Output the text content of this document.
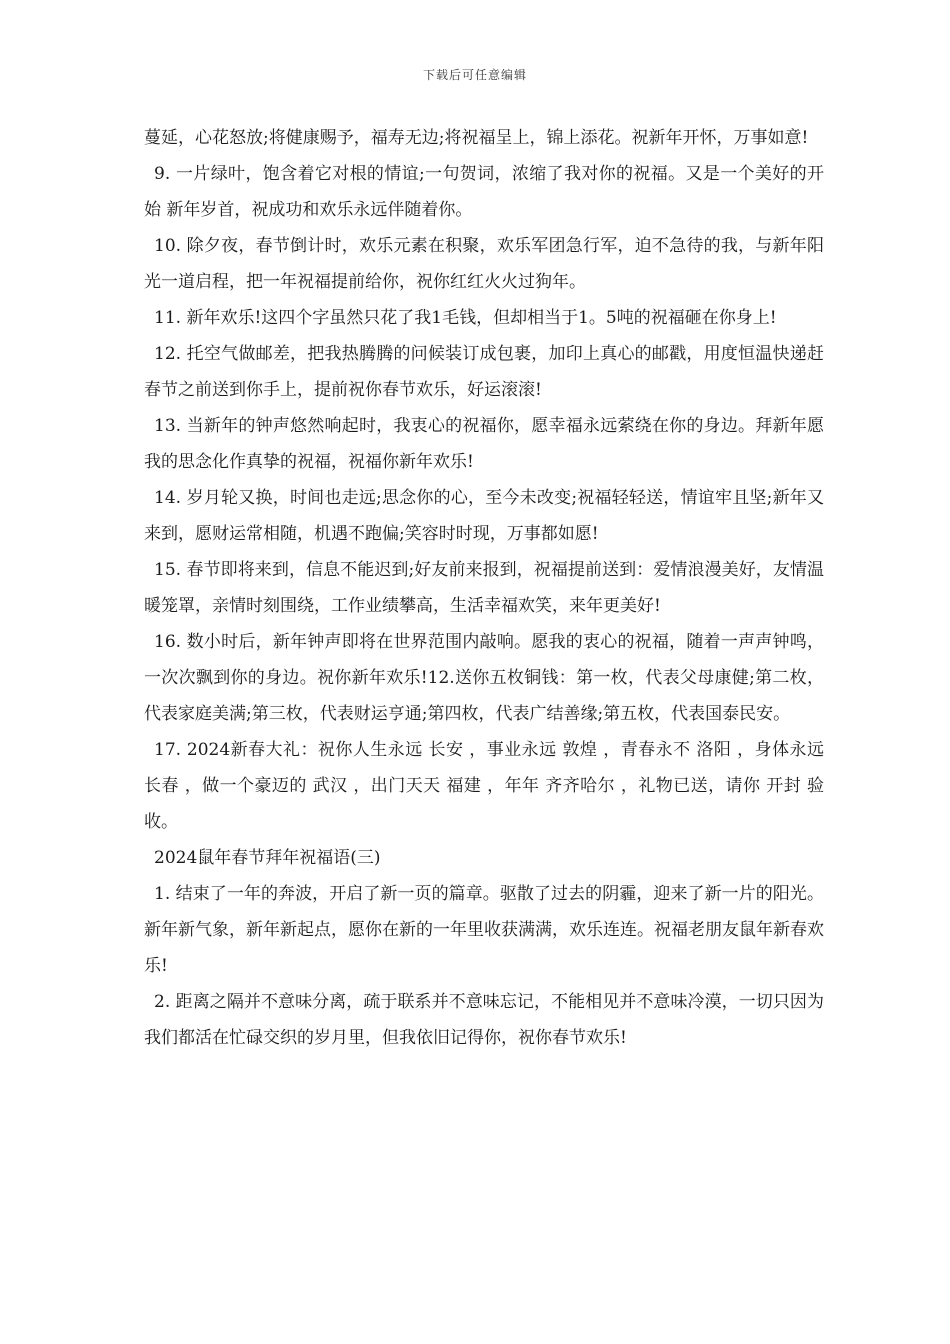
下载后可任意编辑

蔓延，心花怒放;将健康赐予，福寿无边;将祝福呈上，锦上添花。祝新年开怀，万事如意!

9. 一片绿叶，饱含着它对根的情谊;一句贺词，浓缩了我对你的祝福。又是一个美好的开始 新年岁首，祝成功和欢乐永远伴随着你。

10. 除夕夜，春节倒计时，欢乐元素在积聚，欢乐军团急行军，迫不急待的我，与新年阳光一道启程，把一年祝福提前给你，祝你红红火火过狗年。

11. 新年欢乐!这四个字虽然只花了我1毛钱，但却相当于1。5吨的祝福砸在你身上!

12. 托空气做邮差，把我热腾腾的问候装订成包裹，加印上真心的邮戳，用度恒温快递赶春节之前送到你手上，提前祝你春节欢乐，好运滚滚!

13. 当新年的钟声悠然响起时，我衷心的祝福你，愿幸福永远萦绕在你的身边。拜新年愿我的思念化作真挚的祝福，祝福你新年欢乐!

14. 岁月轮又换，时间也走远;思念你的心，至今未改变;祝福轻轻送，情谊牢且坚;新年又来到，愿财运常相随，机遇不跑偏;笑容时时现，万事都如愿!

15. 春节即将来到，信息不能迟到;好友前来报到，祝福提前送到：爱情浪漫美好，友情温暖笼罩，亲情时刻围绕，工作业绩攀高，生活幸福欢笑，来年更美好!

16. 数小时后，新年钟声即将在世界范围内敲响。愿我的衷心的祝福，随着一声声钟鸣，一次次飘到你的身边。祝你新年欢乐!12.送你五枚铜钱：第一枚，代表父母康健;第二枚，代表家庭美满;第三枚，代表财运亨通;第四枚，代表广结善缘;第五枚，代表国泰民安。

17. 2024新春大礼：祝你人生永远 长安 ，事业永远 敦煌 ，青春永不 洛阳 ，身体永远 长春 ，做一个豪迈的 武汉 ，出门天天 福建 ，年年 齐齐哈尔 ，礼物已送，请你 开封 验收。

2024鼠年春节拜年祝福语(三)

1. 结束了一年的奔波，开启了新一页的篇章。驱散了过去的阴霾，迎来了新一片的阳光。新年新气象，新年新起点，愿你在新的一年里收获满满，欢乐连连。祝福老朋友鼠年新春欢乐!

2. 距离之隔并不意味分离，疏于联系并不意味忘记，不能相见并不意味冷漠，一切只因为我们都活在忙碌交织的岁月里，但我依旧记得你，祝你春节欢乐!
